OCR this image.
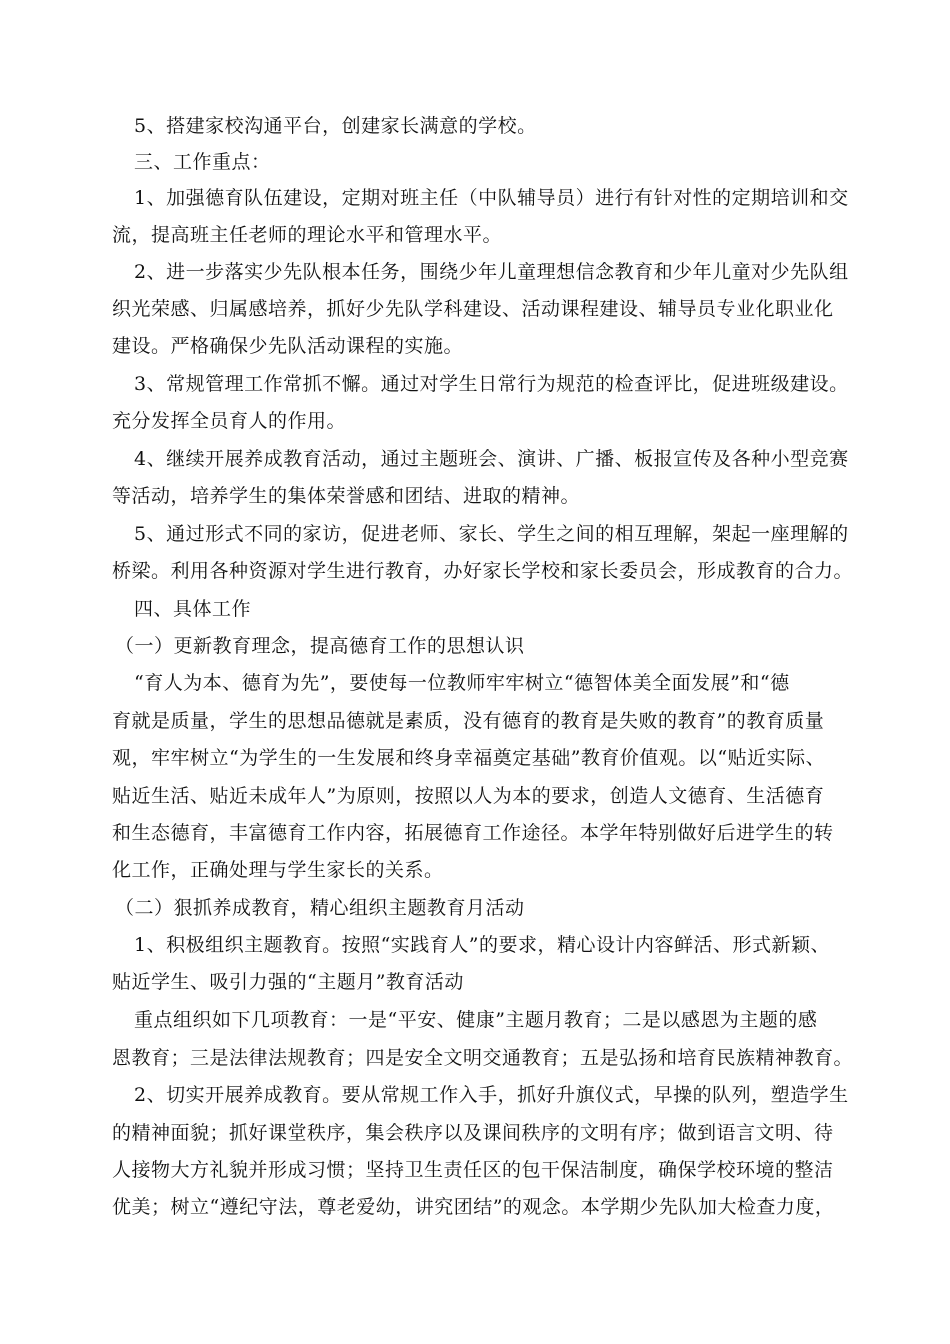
5、搭建家校沟通平台，创建家长满意的学校。
三、工作重点：
1、加强德育队伍建设，定期对班主任（中队辅导员）进行有针对性的定期培训和交
流，提高班主任老师的理论水平和管理水平。
2、进一步落实少先队根本任务，围绕少年儿童理想信念教育和少年儿童对少先队组
织光荣感、归属感培养，抓好少先队学科建设、活动课程建设、辅导员专业化职业化
建设。严格确保少先队活动课程的实施。
3、常规管理工作常抓不懈。通过对学生日常行为规范的检查评比，促进班级建设。
充分发挥全员育人的作用。
4、继续开展养成教育活动，通过主题班会、演讲、广播、板报宣传及各种小型竞赛
等活动，培养学生的集体荣誉感和团结、进取的精神。
5、通过形式不同的家访，促进老师、家长、学生之间的相互理解，架起一座理解的
桥梁。利用各种资源对学生进行教育，办好家长学校和家长委员会，形成教育的合力。
四、具体工作
（一）更新教育理念，提高德育工作的思想认识
“育人为本、德育为先”，要使每一位教师牢牢树立“德智体美全面发展”和“德
育就是质量，学生的思想品德就是素质，没有德育的教育是失败的教育”的教育质量
观，牢牢树立“为学生的一生发展和终身幸福奠定基础”教育价值观。以“贴近实际、
贴近生活、贴近未成年人”为原则，按照以人为本的要求，创造人文德育、生活德育
和生态德育，丰富德育工作内容，拓展德育工作途径。本学年特别做好后进学生的转
化工作，正确处理与学生家长的关系。
（二）狠抓养成教育，精心组织主题教育月活动
1、积极组织主题教育。按照“实践育人”的要求，精心设计内容鲜活、形式新颖、
贴近学生、吸引力强的“主题月”教育活动
重点组织如下几项教育：一是“平安、健康”主题月教育；二是以感恩为主题的感
恩教育；三是法律法规教育；四是安全文明交通教育；五是弘扬和培育民族精神教育。
2、切实开展养成教育。要从常规工作入手，抓好升旗仪式，早操的队列，塑造学生
的精神面貌；抓好课堂秩序，集会秩序以及课间秩序的文明有序；做到语言文明、待
人接物大方礼貌并形成习惯；坚持卫生责任区的包干保洁制度，确保学校环境的整洁
优美；树立“遵纪守法，尊老爱幼，讲究团结”的观念。本学期少先队加大检查力度，
